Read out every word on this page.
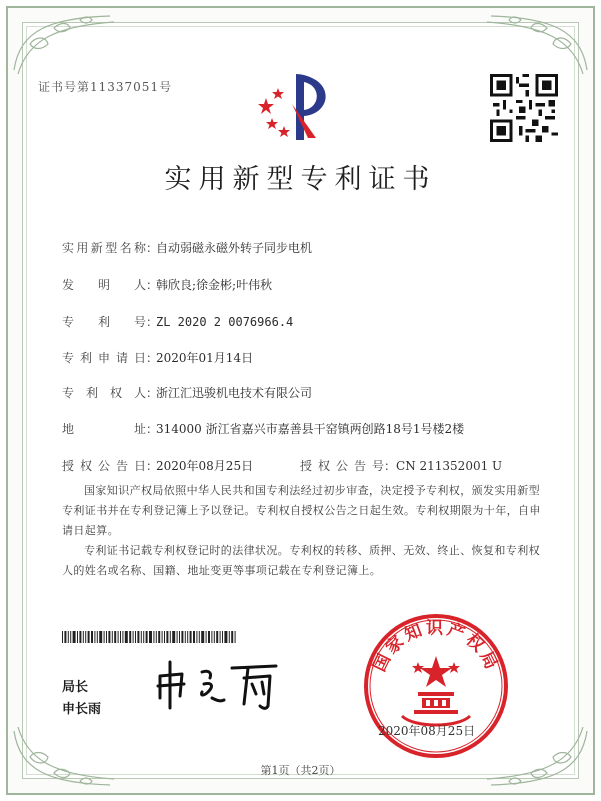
证书号第11337051号
实用新型专利证书
实用新型名称：自动弱磁永磁外转子同步电机
发明人：韩欣良;徐金彬;叶伟秋
专利号：ZL 2020 2 0076966.4
专利申请日：2020年01月14日
专利权人：浙江汇迅骏机电技术有限公司
地址：314000 浙江省嘉兴市嘉善县干窑镇两创路18号1号楼2楼
授权公告日：2020年08月25日	授权公告号：CN 211352001 U
国家知识产权局依照中华人民共和国专利法经过初步审查，决定授予专利权，颁发实用新型专利证书并在专利登记簿上予以登记。专利权自授权公告之日起生效。专利权期限为十年，自申请日起算。
专利证书记载专利权登记时的法律状况。专利权的转移、质押、无效、终止、恢复和专利权人的姓名或名称、国籍、地址变更等事项记载在专利登记簿上。
局长
申长雨
国家知识产权局
2020年08月25日
第1页（共2页）
